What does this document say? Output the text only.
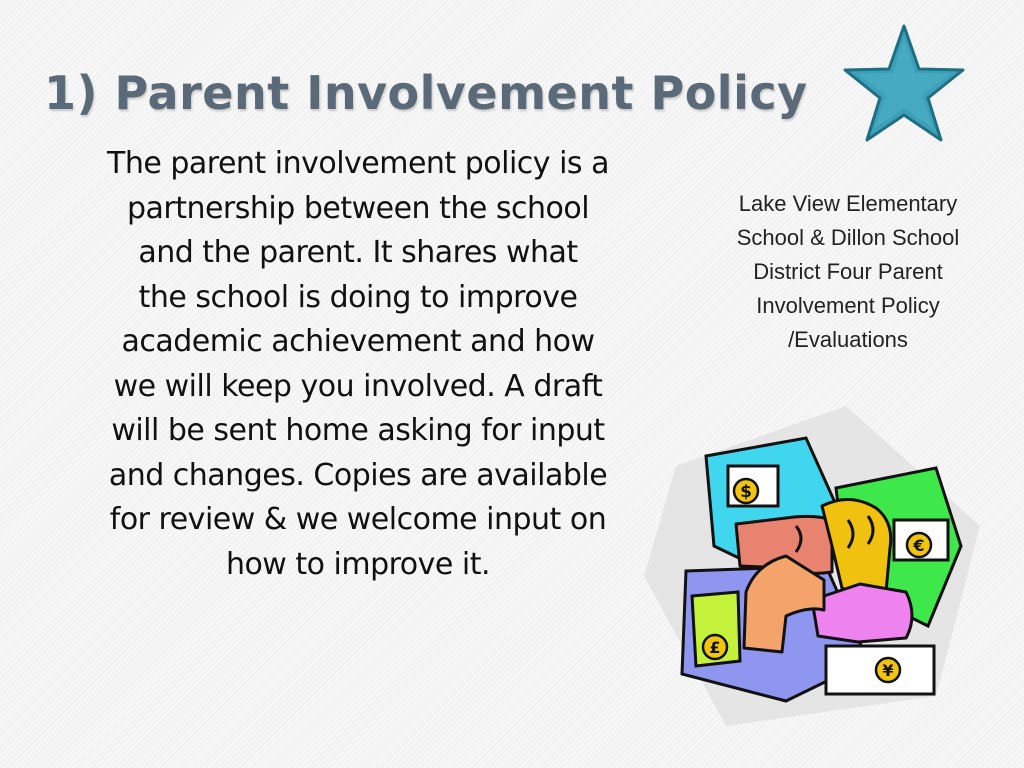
1) Parent Involvement Policy
The parent involvement policy is a
partnership between the school
and the parent. It shares what
the school is doing to improve
academic achievement and how
we will keep you involved. A draft
will be sent home asking for input
and changes. Copies are available
for review & we welcome input on
how to improve it.
Lake View Elementary
School & Dillon School
District Four Parent
Involvement Policy
/Evaluations
$
€
£
¥
